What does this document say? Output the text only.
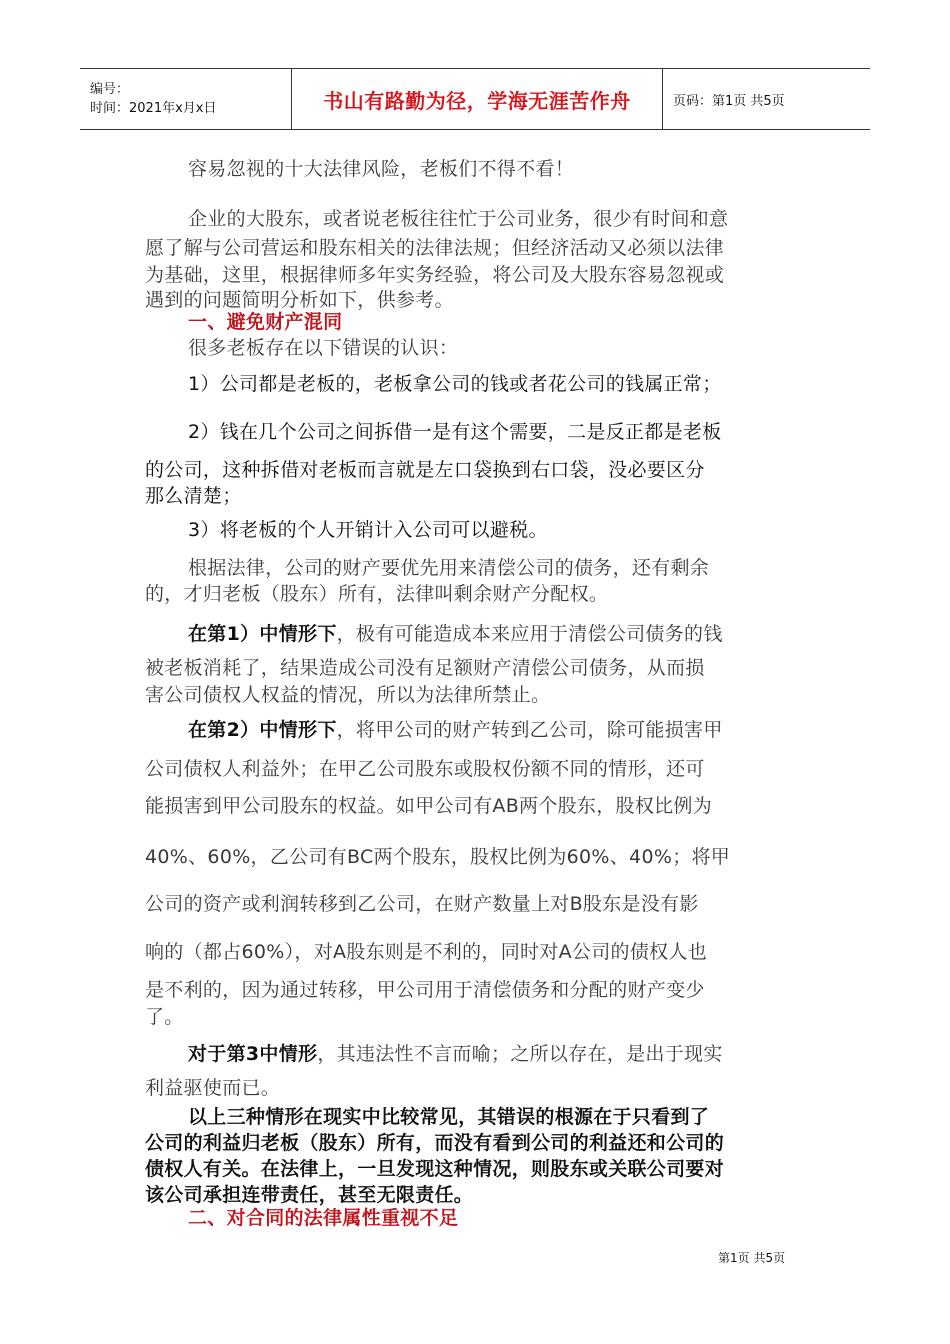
编号：
时间：2021年x月x日	书山有路勤为径，学海无涯苦作舟	页码：第1页 共5页
容易忽视的十大法律风险，老板们不得不看！
企业的大股东，或者说老板往往忙于公司业务，很少有时间和意
愿了解与公司营运和股东相关的法律法规；但经济活动又必须以法律
为基础，这里，根据律师多年实务经验，将公司及大股东容易忽视或
遇到的问题简明分析如下，供参考。
一、避免财产混同
很多老板存在以下错误的认识：
1）公司都是老板的，老板拿公司的钱或者花公司的钱属正常；
2）钱在几个公司之间拆借一是有这个需要，二是反正都是老板
的公司，这种拆借对老板而言就是左口袋换到右口袋，没必要区分
那么清楚；
3）将老板的个人开销计入公司可以避税。
根据法律，公司的财产要优先用来清偿公司的债务，还有剩余
的，才归老板（股东）所有，法律叫剩余财产分配权。
在第1）中情形下，极有可能造成本来应用于清偿公司债务的钱
被老板消耗了，结果造成公司没有足额财产清偿公司债务，从而损
害公司债权人权益的情况，所以为法律所禁止。
在第2）中情形下，将甲公司的财产转到乙公司，除可能损害甲
公司债权人利益外；在甲乙公司股东或股权份额不同的情形，还可
能损害到甲公司股东的权益。如甲公司有AB两个股东，股权比例为
40%、60%，乙公司有BC两个股东，股权比例为60%、40%；将甲
公司的资产或利润转移到乙公司，在财产数量上对B股东是没有影
响的（都占60%），对A股东则是不利的，同时对A公司的债权人也
是不利的，因为通过转移，甲公司用于清偿债务和分配的财产变少
了。
对于第3中情形，其违法性不言而喻；之所以存在，是出于现实
利益驱使而已。
以上三种情形在现实中比较常见，其错误的根源在于只看到了
公司的利益归老板（股东）所有，而没有看到公司的利益还和公司的
债权人有关。在法律上，一旦发现这种情况，则股东或关联公司要对
该公司承担连带责任，甚至无限责任。
二、对合同的法律属性重视不足
第1页 共5页
